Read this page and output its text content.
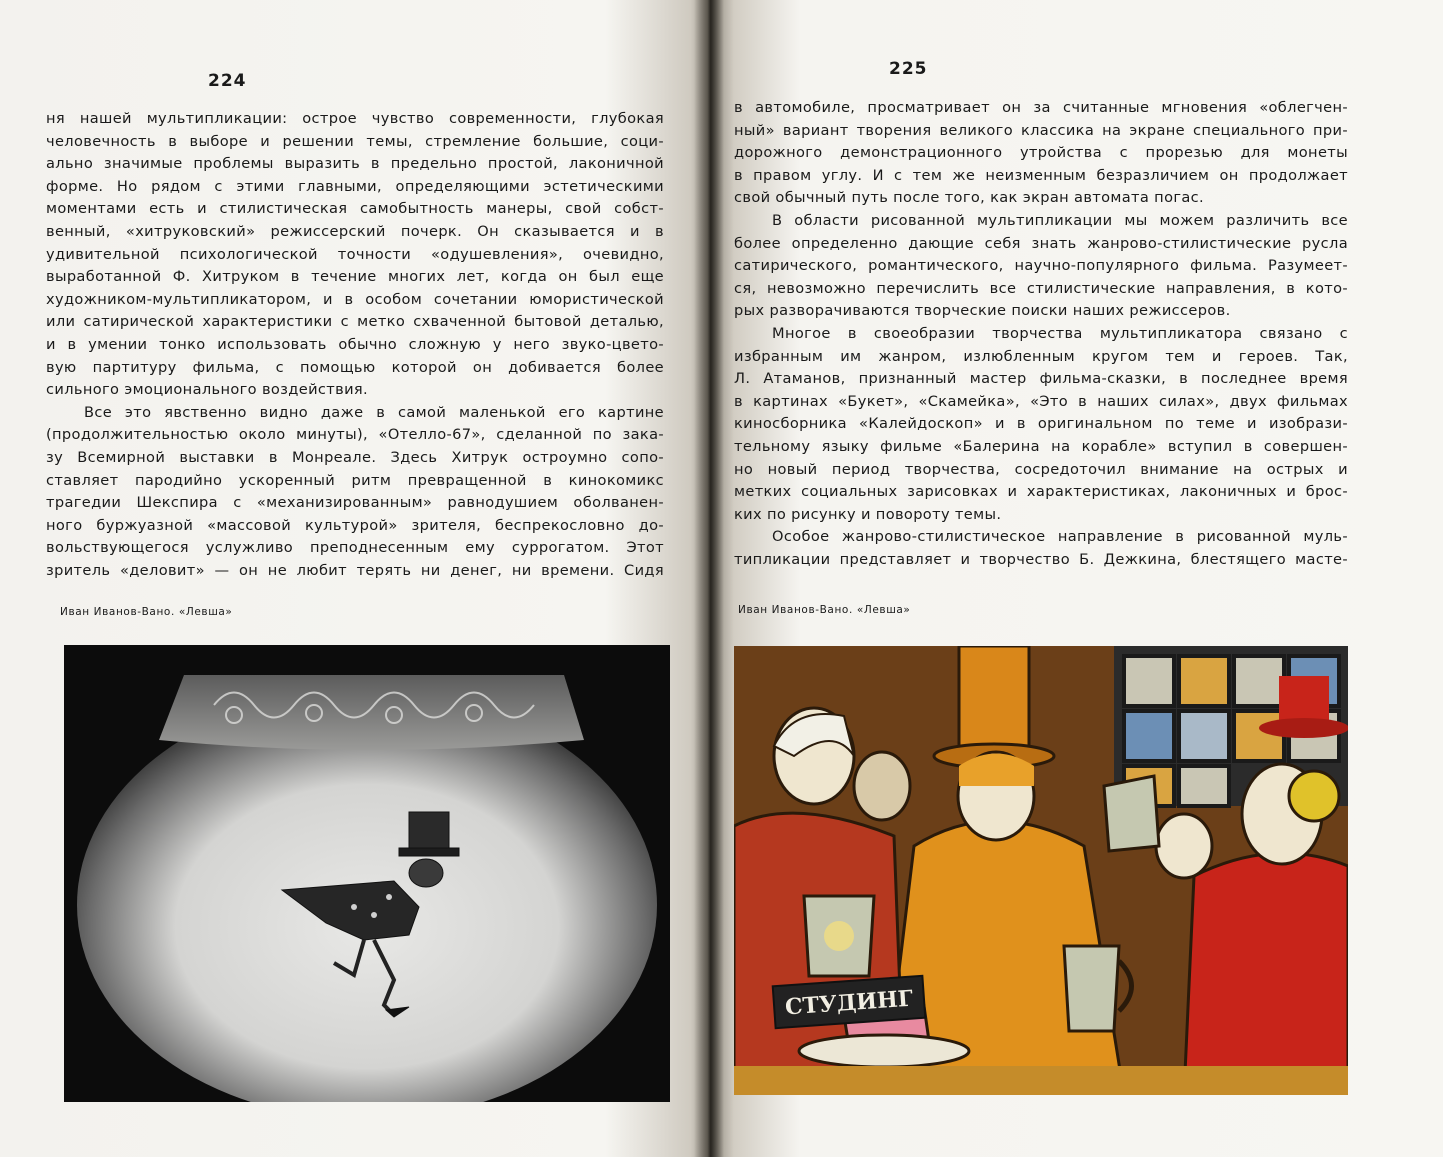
224
ня нашей мультипликации: острое чувство современности, глубокая
человечность в выборе и решении темы, стремление большие, соци-
ально значимые проблемы выразить в предельно простой, лаконичной
форме. Но рядом с этими главными, определяющими эстетическими
моментами есть и стилистическая самобытность манеры, свой собст-
венный, «хитруковский» режиссерский почерк. Он сказывается и в
удивительной психологической точности «одушевления», очевидно,
выработанной Ф. Хитруком в течение многих лет, когда он был еще
художником-мультипликатором, и в особом сочетании юмористической
или сатирической характеристики с метко схваченной бытовой деталью,
и в умении тонко использовать обычно сложную у него звуко-цвето-
вую партитуру фильма, с помощью которой он добивается более
сильного эмоционального воздействия.
Все это явственно видно даже в самой маленькой его картине
(продолжительностью около минуты), «Отелло-67», сделанной по зака-
зу Всемирной выставки в Монреале. Здесь Хитрук остроумно сопо-
ставляет пародийно ускоренный ритм превращенной в кинокомикс
трагедии Шекспира с «механизированным» равнодушием оболванен-
ного буржуазной «массовой культурой» зрителя, беспрекословно до-
вольствующегося услужливо преподнесенным ему суррогатом. Этот
зритель «деловит» — он не любит терять ни денег, ни времени. Сидя
Иван Иванов-Вано. «Левша»
225
в автомобиле, просматривает он за считанные мгновения «облегчен-
ный» вариант творения великого классика на экране специального при-
дорожного демонстрационного утройства с прорезью для монеты
в правом углу. И с тем же неизменным безразличием он продолжает
свой обычный путь после того, как экран автомата погас.
В области рисованной мультипликации мы можем различить все
более определенно дающие себя знать жанрово-стилистические русла
сатирического, романтического, научно-популярного фильма. Разумеет-
ся, невозможно перечислить все стилистические направления, в кото-
рых разворачиваются творческие поиски наших режиссеров.
Многое в своеобразии творчества мультипликатора связано с
избранным им жанром, излюбленным кругом тем и героев. Так,
Л. Атаманов, признанный мастер фильма-сказки, в последнее время
в картинах «Букет», «Скамейка», «Это в наших силах», двух фильмах
киносборника «Калейдоскоп» и в оригинальном по теме и изобрази-
тельному языку фильме «Балерина на корабле» вступил в совершен-
но новый период творчества, сосредоточил внимание на острых и
метких социальных зарисовках и характеристиках, лаконичных и брос-
ких по рисунку и повороту темы.
Особое жанрово-стилистическое направление в рисованной муль-
типликации представляет и творчество Б. Дежкина, блестящего масте-
Иван Иванов-Вано. «Левша»
СТУДИНГ
